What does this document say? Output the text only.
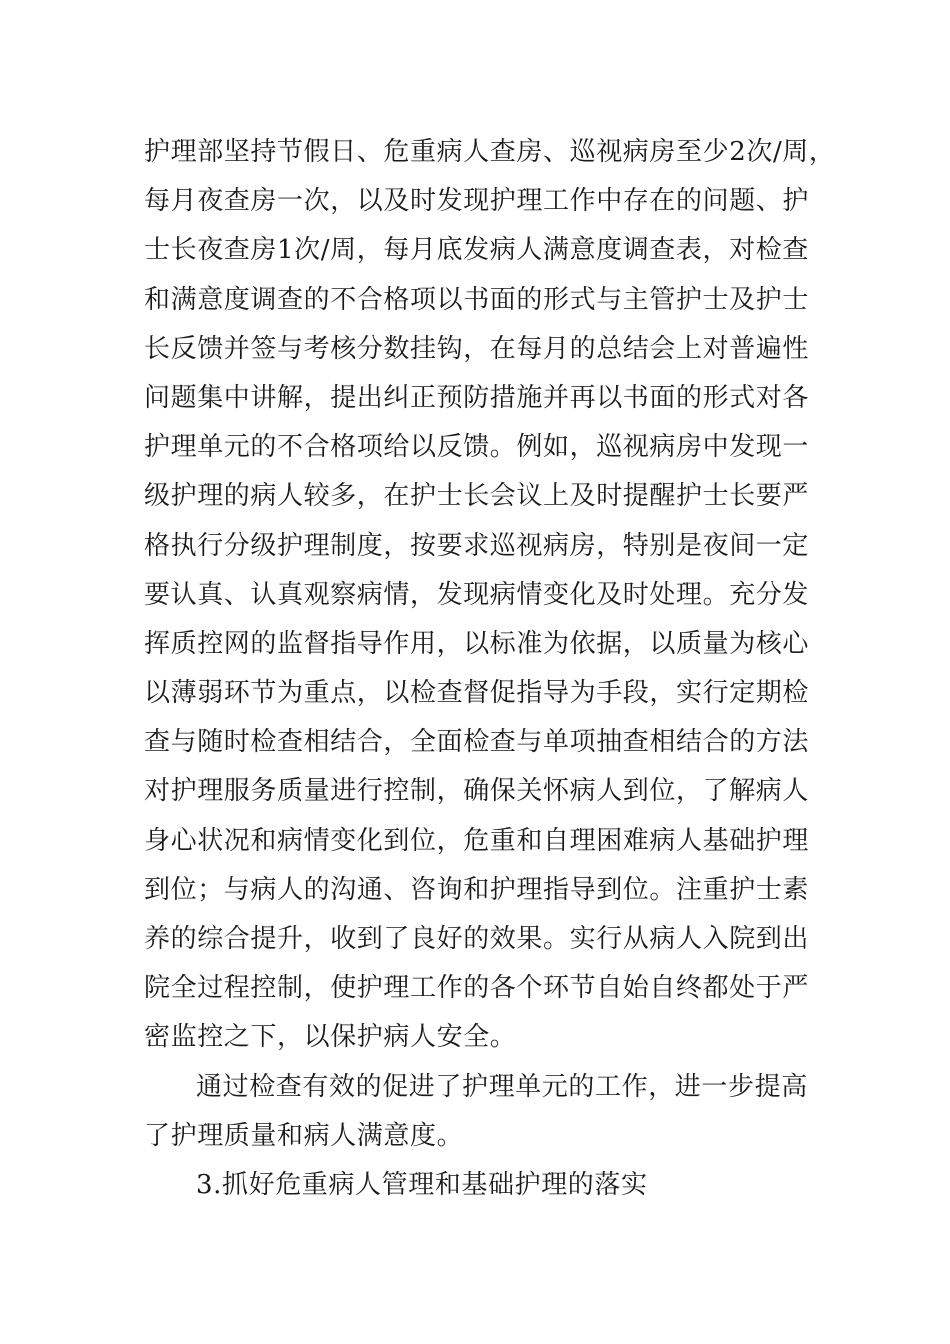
护理部坚持节假日、危重病人查房、巡视病房至少2次/周，
每月夜查房一次，以及时发现护理工作中存在的问题、护
士长夜查房1次/周，每月底发病人满意度调查表，对检查
和满意度调查的不合格项以书面的形式与主管护士及护士
长反馈并签与考核分数挂钩，在每月的总结会上对普遍性
问题集中讲解，提出纠正预防措施并再以书面的形式对各
护理单元的不合格项给以反馈。例如，巡视病房中发现一
级护理的病人较多，在护士长会议上及时提醒护士长要严
格执行分级护理制度，按要求巡视病房，特别是夜间一定
要认真、认真观察病情，发现病情变化及时处理。充分发
挥质控网的监督指导作用，以标准为依据，以质量为核心
以薄弱环节为重点，以检查督促指导为手段，实行定期检
查与随时检查相结合，全面检查与单项抽查相结合的方法
对护理服务质量进行控制，确保关怀病人到位，了解病人
身心状况和病情变化到位，危重和自理困难病人基础护理
到位；与病人的沟通、咨询和护理指导到位。注重护士素
养的综合提升，收到了良好的效果。实行从病人入院到出
院全过程控制，使护理工作的各个环节自始自终都处于严
密监控之下，以保护病人安全。
通过检查有效的促进了护理单元的工作，进一步提高
了护理质量和病人满意度。
3.抓好危重病人管理和基础护理的落实
